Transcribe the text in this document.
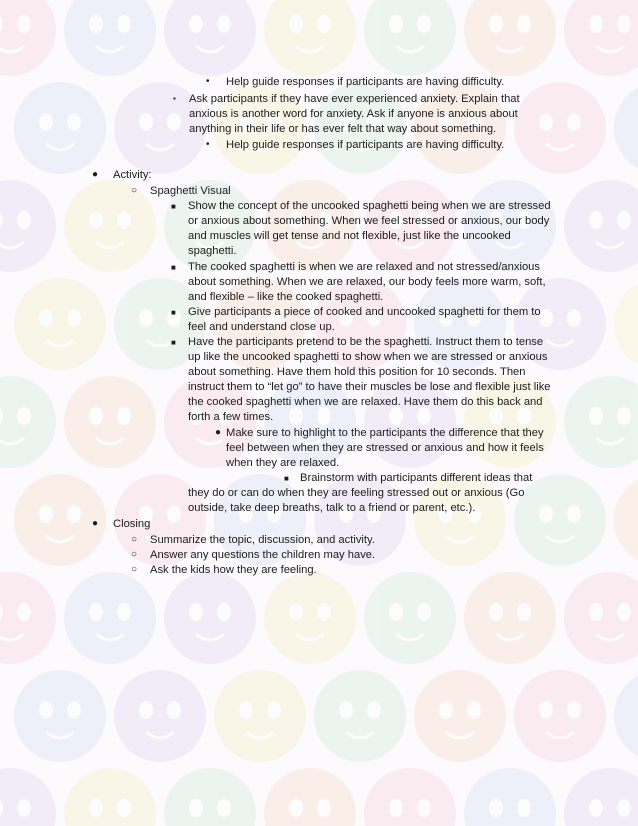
• Help guide responses if participants are having difficulty.
▪ Ask participants if they have ever experienced anxiety. Explain that
anxious is another word for anxiety. Ask if anyone is anxious about
anything in their life or has ever felt that way about something.
• Help guide responses if participants are having difficulty.
● Activity:
○ Spaghetti Visual
■ Show the concept of the uncooked spaghetti being when we are stressed
or anxious about something. When we feel stressed or anxious, our body
and muscles will get tense and not flexible, just like the uncooked
spaghetti.
■ The cooked spaghetti is when we are relaxed and not stressed/anxious
about something. When we are relaxed, our body feels more warm, soft,
and flexible – like the cooked spaghetti.
■ Give participants a piece of cooked and uncooked spaghetti for them to
feel and understand close up.
■ Have the participants pretend to be the spaghetti. Instruct them to tense
up like the uncooked spaghetti to show when we are stressed or anxious
about something. Have them hold this position for 10 seconds. Then
instruct them to “let go” to have their muscles be lose and flexible just like
the cooked spaghetti when we are relaxed. Have them do this back and
forth a few times.
● Make sure to highlight to the participants the difference that they
feel between when they are stressed or anxious and how it feels
when they are relaxed.
■ Brainstorm with participants different ideas that
they do or can do when they are feeling stressed out or anxious (Go
outside, take deep breaths, talk to a friend or parent, etc.).
● Closing
○ Summarize the topic, discussion, and activity.
○ Answer any questions the children may have.
○ Ask the kids how they are feeling.
